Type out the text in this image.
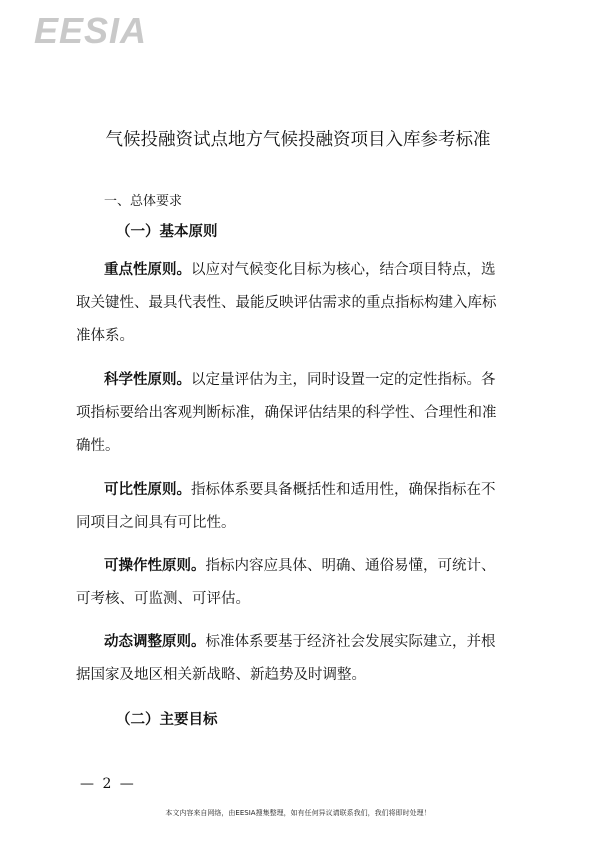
EESIA
气候投融资试点地方气候投融资项目入库参考标准
一、总体要求
（一）基本原则
重点性原则。以应对气候变化目标为核心，结合项目特点，选
取关键性、最具代表性、最能反映评估需求的重点指标构建入库标
准体系。
科学性原则。以定量评估为主，同时设置一定的定性指标。各
项指标要给出客观判断标准，确保评估结果的科学性、合理性和准
确性。
可比性原则。指标体系要具备概括性和适用性，确保指标在不
同项目之间具有可比性。
可操作性原则。指标内容应具体、明确、通俗易懂，可统计、
可考核、可监测、可评估。
动态调整原则。标准体系要基于经济社会发展实际建立，并根
据国家及地区相关新战略、新趋势及时调整。
（二）主要目标
— 2 —
本文内容来自网络，由EESIA搜集整理，如有任何异议请联系我们，我们将即时处理！
